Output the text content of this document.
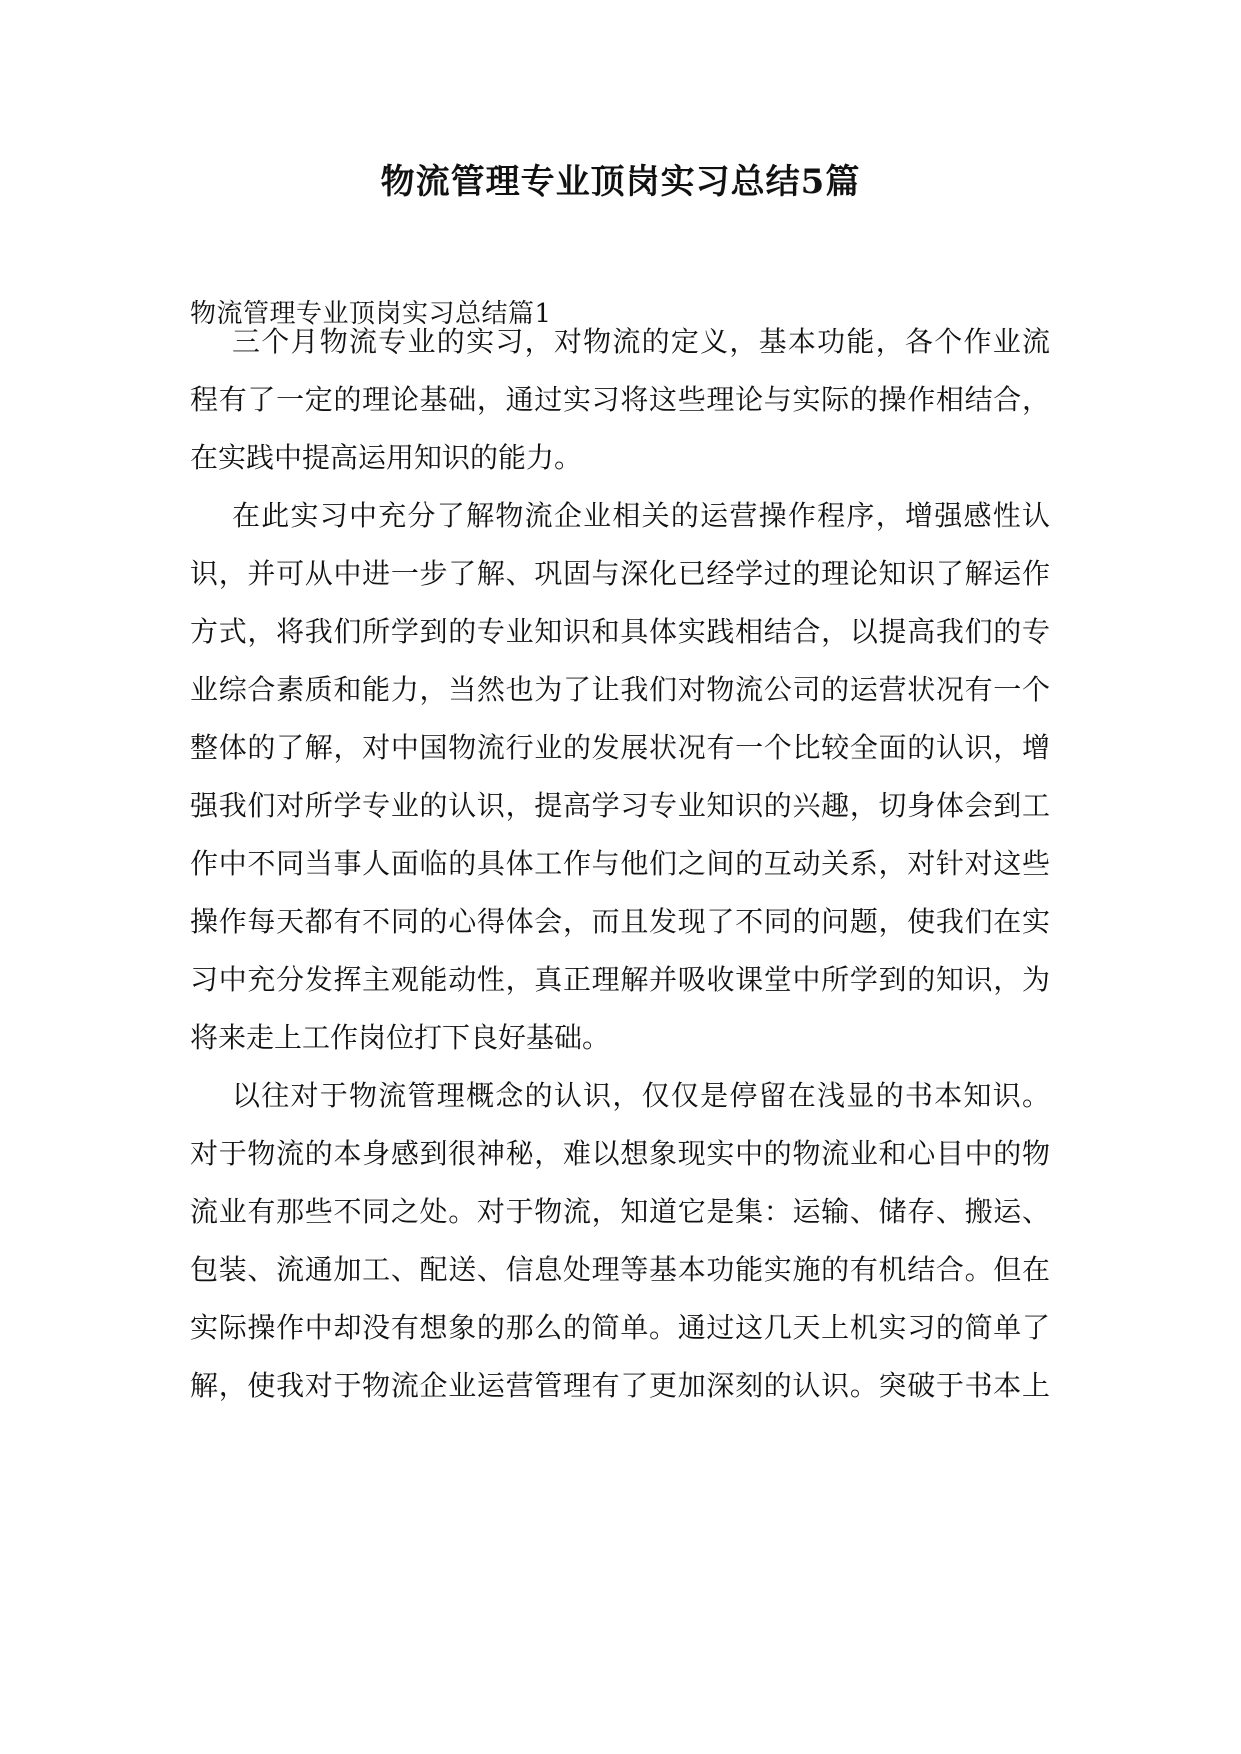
物流管理专业顶岗实习总结5篇
物流管理专业顶岗实习总结篇1
三个月物流专业的实习，对物流的定义，基本功能，各个作业流
程有了一定的理论基础，通过实习将这些理论与实际的操作相结合，
在实践中提高运用知识的能力。
在此实习中充分了解物流企业相关的运营操作程序，增强感性认
识，并可从中进一步了解、巩固与深化已经学过的理论知识了解运作
方式，将我们所学到的专业知识和具体实践相结合，以提高我们的专
业综合素质和能力，当然也为了让我们对物流公司的运营状况有一个
整体的了解，对中国物流行业的发展状况有一个比较全面的认识，增
强我们对所学专业的认识，提高学习专业知识的兴趣，切身体会到工
作中不同当事人面临的具体工作与他们之间的互动关系，对针对这些
操作每天都有不同的心得体会，而且发现了不同的问题，使我们在实
习中充分发挥主观能动性，真正理解并吸收课堂中所学到的知识，为
将来走上工作岗位打下良好基础。
以往对于物流管理概念的认识，仅仅是停留在浅显的书本知识。
对于物流的本身感到很神秘，难以想象现实中的物流业和心目中的物
流业有那些不同之处。对于物流，知道它是集：运输、储存、搬运、
包装、流通加工、配送、信息处理等基本功能实施的有机结合。但在
实际操作中却没有想象的那么的简单。通过这几天上机实习的简单了
解，使我对于物流企业运营管理有了更加深刻的认识。突破于书本上
